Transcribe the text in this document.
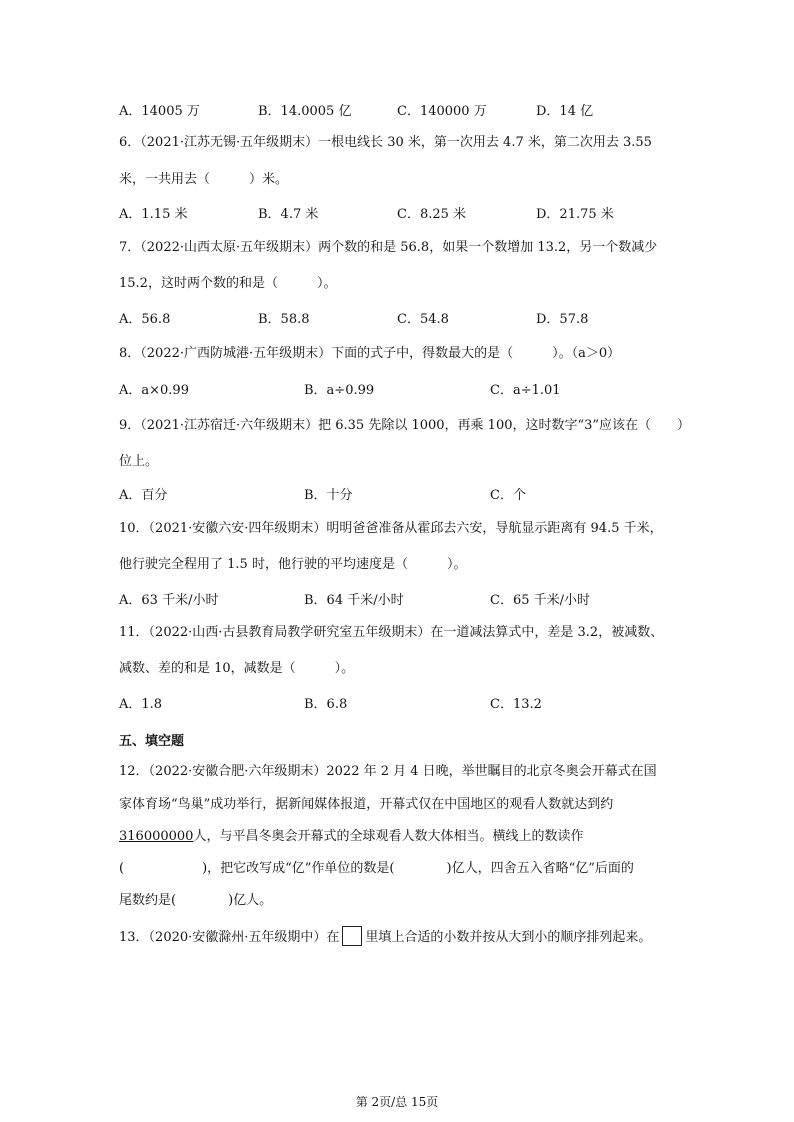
A．14005 万	B．14.0005 亿	C．140000 万	D．14 亿
6．（2021·江苏无锡·五年级期末）一根电线长 30 米，第一次用去 4.7 米，第二次用去 3.55
米，一共用去（　　　）米。
A．1.15 米	B．4.7 米	C．8.25 米	D．21.75 米
7．（2022·山西太原·五年级期末）两个数的和是 56.8，如果一个数增加 13.2，另一个数减少
15.2，这时两个数的和是（　　　）。
A．56.8	B．58.8	C．54.8	D．57.8
8．（2022·广西防城港·五年级期末）下面的式子中，得数最大的是（　　　）。（a＞0）
A．a×0.99	B．a÷0.99	C．a÷1.01
9．（2021·江苏宿迁·六年级期末）把 6.35 先除以 1000，再乘 100，这时数字“3”应该在（　　）
位上。
A．百分	B．十分	C．个
10．（2021·安徽六安·四年级期末）明明爸爸准备从霍邱去六安，导航显示距离有 94.5 千米，
他行驶完全程用了 1.5 时，他行驶的平均速度是（　　　）。
A．63 千米/小时	B．64 千米/小时	C．65 千米/小时
11．（2022·山西·古县教育局教学研究室五年级期末）在一道减法算式中，差是 3.2，被减数、
减数、差的和是 10，减数是（　　　）。
A．1.8	B．6.8	C．13.2
五、填空题
12．（2022·安徽合肥·六年级期末）2022 年 2 月 4 日晚，举世瞩目的北京冬奥会开幕式在国
家体育场“鸟巢”成功举行，据新闻媒体报道，开幕式仅在中国地区的观看人数就达到约
316000000人，与平昌冬奥会开幕式的全球观看人数大体相当。横线上的数读作
(　　　　　　)，把它改写成“亿”作单位的数是(　　　　)亿人，四舍五入省略“亿”后面的
尾数约是(　　　　)亿人。
13．（2020·安徽滁州·五年级期中）在 里填上合适的小数并按从大到小的顺序排列起来。
第 2页/总 15页
